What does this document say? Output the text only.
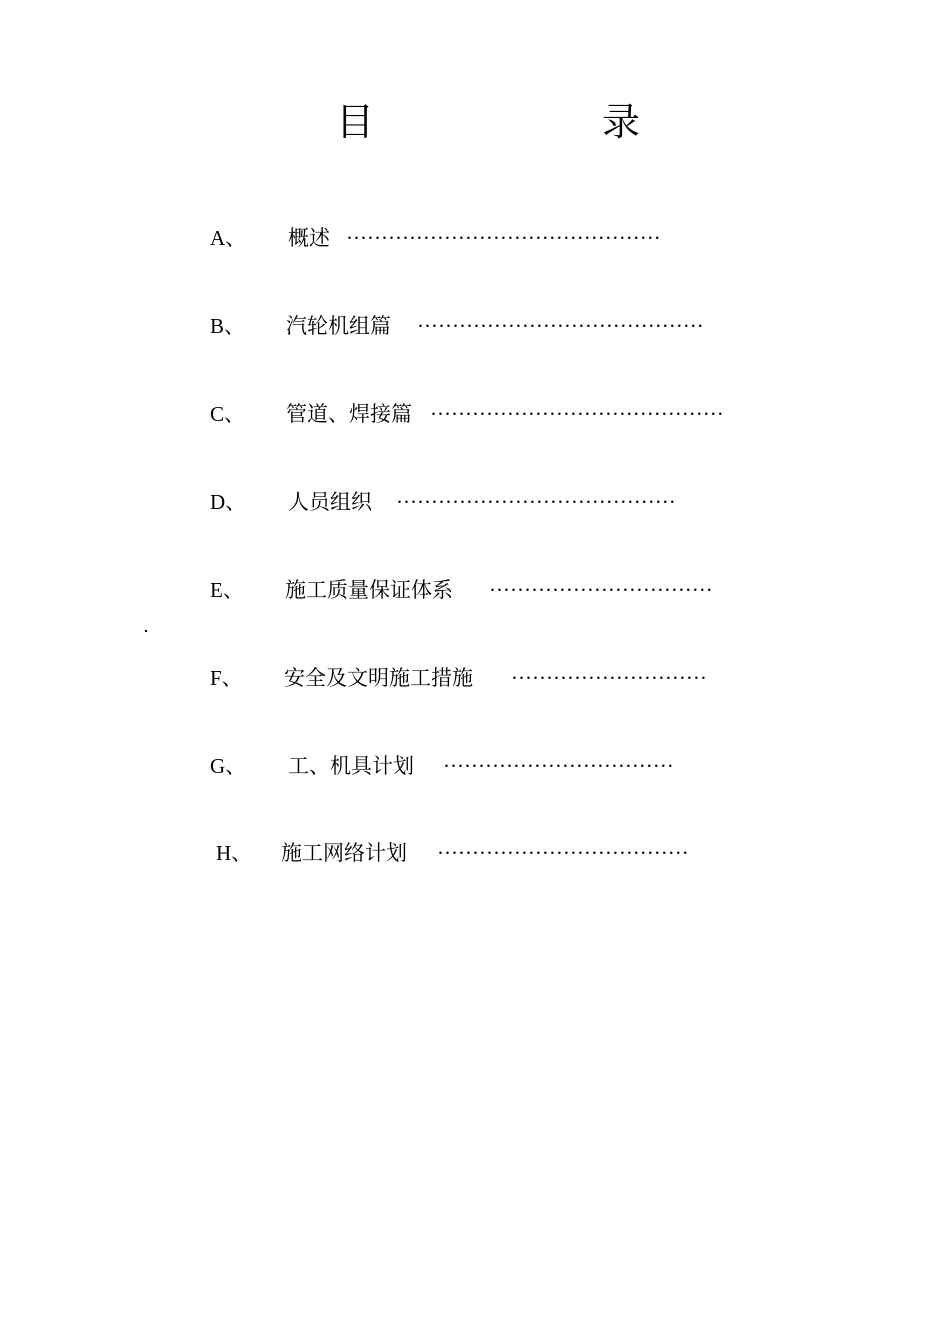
目	录
A、 概述 ·············································
B、 汽轮机组篇 ·········································
C、 管道、焊接篇 ··········································
D、 人员组织 ········································
E、 施工质量保证体系 ································
F、 安全及文明施工措施 ····························
G、 工、机具计划 ·································
H、 施工网络计划 ····································
